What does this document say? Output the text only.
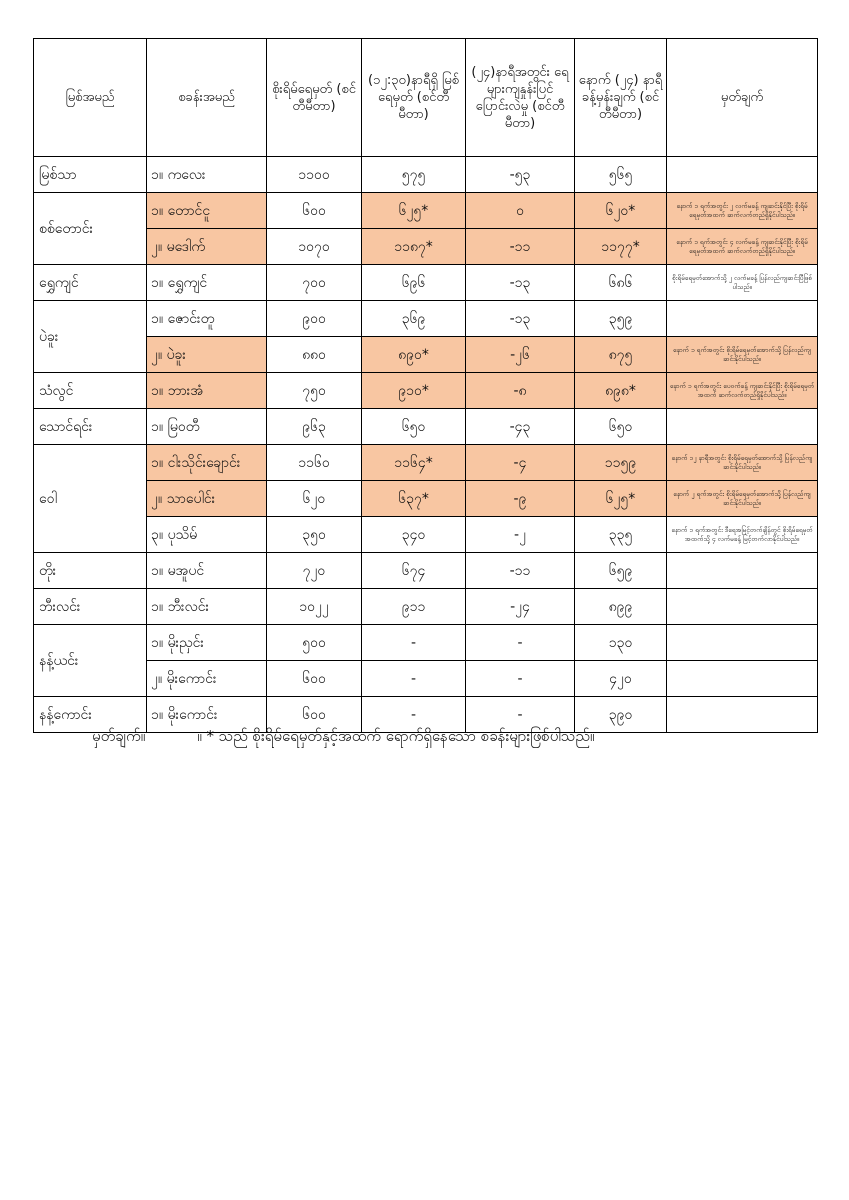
မြစ်အမည်	စခန်းအမည်	စိုးရိမ်ရေမှတ် (စင်တီမီတာ)	(၁၂:၃၀)နာရီရှိ မြစ်ရေမှတ် (စင်တီမီတာ)	(၂၄)နာရီအတွင်း ရေများကျနှုန်းပြင် ပြောင်းလဲမှု (စင်တီမီတာ)	နောက် (၂၄) နာရီ ခန့်မှန်းချက် (စင်တီမီတာ)	မှတ်ချက်
မြစ်သာ	၁။ ကလေး	၁၁၀၀	၅၇၅	-၅၃	၅၆၅	
စစ်တောင်း	၁။ တောင်ငူ	၆၀၀	၆၂၅*	၀	၆၂၀*	နောက် ၁ ရက်အတွင်း ၂ လက်မခန့် ကျဆင်းနိုင်ပြီး စိုးရိမ်ရေမှတ်အထက် ဆက်လက်တည်ရှိနိုင်ပါသည်။
	၂။ မဒေါက်	၁၀၇၀	၁၁၈၇*	-၁၁	၁၁၇၇*	နောက် ၁ ရက်အတွင်း ၄ လက်မခန့် ကျဆင်းနိုင်ပြီး စိုးရိမ်ရေမှတ်အထက် ဆက်လက်တည်ရှိနိုင်ပါသည်။
ရွှေကျင်	၁။ ရွှေကျင်	၇၀၀	၆၉၆	-၁၃	၆၈၆	စိုးရိမ်ရေမှတ်အောက်သို့ ၂ လက်မခန့် ပြန်လည်ကျဆင်းပြီဖြစ်ပါသည်။
ပဲခူး	၁။ ဇောင်းတူ	၉၀၀	၃၆၉	-၁၃	၃၅၉	
	၂။ ပဲခူး	၈၈၀	၈၉၀*	-၂၆	၈၇၅	နောက် ၁ ရက်အတွင်း စိုးရိမ်ရေမှတ်အောက်သို့ ပြန်လည်ကျဆင်းနိုင်ပါသည်။
သံလွင်	၁။ ဘားအံ	၇၅၀	၉၁၀*	-၈	၈၉၈*	နောက် ၁ ရက်အတွင်း ပေ၀က်ခန့် ကျဆင်းနိုင်ပြီး စိုးရိမ်ရေမှတ်အထက် ဆက်လက်တည်ရှိနိုင်ပါသည်။
သောင်ရင်း	၁။ မြ၀တီ	၉၆၃	၆၅၀	-၄၃	၆၅၀	
ဝေါ	၁။ ငါးသိုင်းချောင်း	၁၁၆၀	၁၁၆၄*	-၄	၁၁၅၉	နောက် ၁၂ နာရီအတွင်း စိုးရိမ်ရေမှတ်အောက်သို့ ပြန်လည်ကျဆင်းနိုင်ပါသည်။
	၂။ သာပေါင်း	၆၂၀	၆၃၇*	-၉	၆၂၅*	နောက် ၂ ရက်အတွင်း စိုးရိမ်ရေမှတ်အောက်သို့ ပြန်လည်ကျဆင်းနိုင်ပါသည်။
	၃။ ပုသိမ်	၃၅၀	၃၄၀	-၂	၃၃၅	နောက် ၁ ရက်အတွင်း ဒီရေအမြင့်တက်ချိန်တွင် စိုးရိမ်ရေမှတ် အထက်သို့ ၄ လက်မခန့် မြင့်တက်လာနိုင်ပါသည်။
တိုး	၁။ မအူပင်	၇၂၀	၆၇၄	-၁၁	၆၅၉	
ဘီးလင်း	၁။ ဘီးလင်း	၁၀၂၂	၉၁၁	-၂၄	၈၉၉	
နန့်ယင်း	၁။ မိုးညှင်း	၅၀၀	-	-	၁၃၀	
	၂။ မိုးကောင်း	၆၀၀	-	-	၄၂၀	
နန့်ကောင်း	၁။ မိုးကောင်း	၆၀၀	-	-	၃၉၀	
မှတ်ချက်။	။ * သည် စိုးရိမ်ရေမှတ်နှင့်အထက် ရောက်ရှိနေသော စခန်းများဖြစ်ပါသည်။
